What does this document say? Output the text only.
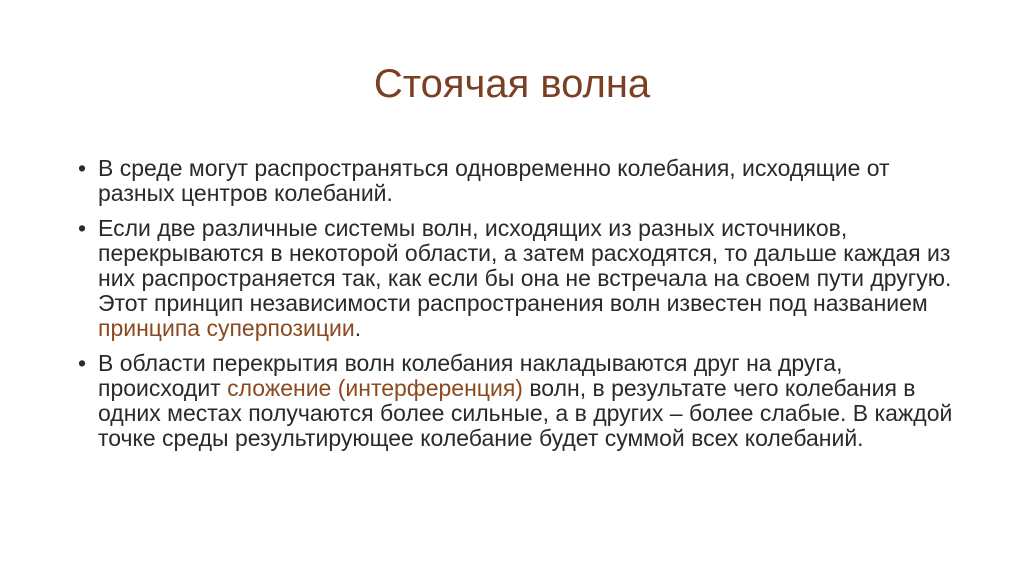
Стоячая волна
• В среде могут распространяться одновременно колебания, исходящие от разных центров колебаний.
• Если две различные системы волн, исходящих из разных источников, перекрываются в некоторой области, а затем расходятся, то дальше каждая из них распространяется так, как если бы она не встречала на своем пути другую. Этот принцип независимости распространения волн известен под названием принципа суперпозиции.
• В области перекрытия волн колебания накладываются друг на друга, происходит сложение (интерференция) волн, в результате чего колебания в одних местах получаются более сильные, а в других – более слабые. В каждой точке среды результирующее колебание будет суммой всех колебаний.
